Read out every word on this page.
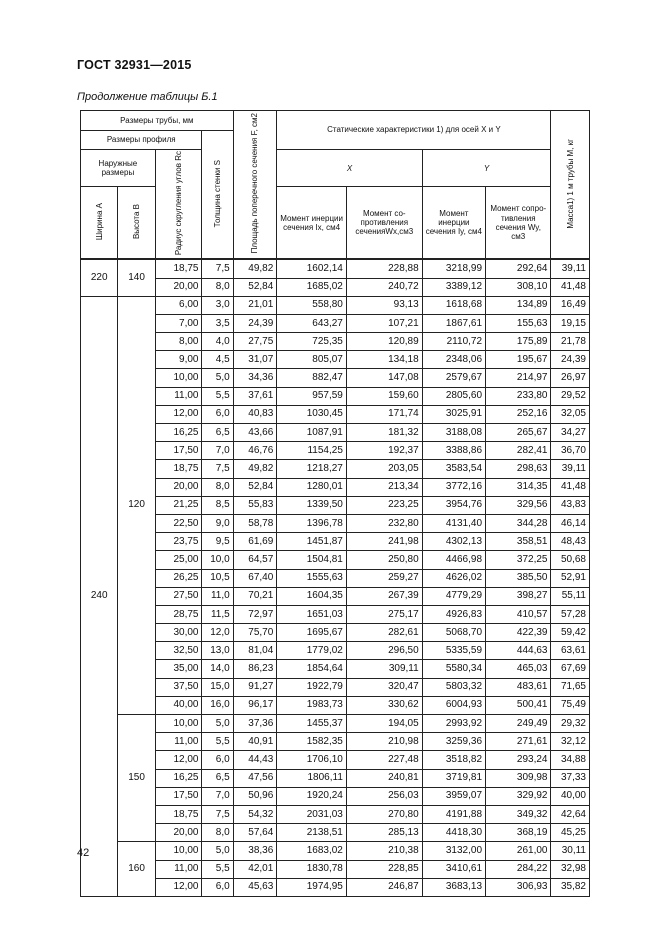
ГОСТ 32931—2015
Продолжение таблицы Б.1
Размеры трубы, мм				Площадь поперечного сечения F, см2	Статические характеристики 1) для осей X и Y				Масса1) 1 м трубы M, кг
Размеры профиля			Толщина стенки S						
Наружные размеры		Радиус скругления углов Rc			X		Y		
Ширина A	Высота B				Момент инерции сечения Ix, см4	Момент со-противления сеченияWx,см3	Момент инерции сечения Iy, см4	Момент сопро-тивления сечения Wy, см3	
220	140	18,75	7,5	49,82	1602,14	228,88	3218,99	292,64	39,11
		20,00	8,0	52,84	1685,02	240,72	3389,12	308,10	41,48
240	120	6,00	3,0	21,01	558,80	93,13	1618,68	134,89	16,49
		7,00	3,5	24,39	643,27	107,21	1867,61	155,63	19,15
		8,00	4,0	27,75	725,35	120,89	2110,72	175,89	21,78
		9,00	4,5	31,07	805,07	134,18	2348,06	195,67	24,39
		10,00	5,0	34,36	882,47	147,08	2579,67	214,97	26,97
		11,00	5,5	37,61	957,59	159,60	2805,60	233,80	29,52
		12,00	6,0	40,83	1030,45	171,74	3025,91	252,16	32,05
		16,25	6,5	43,66	1087,91	181,32	3188,08	265,67	34,27
		17,50	7,0	46,76	1154,25	192,37	3388,86	282,41	36,70
		18,75	7,5	49,82	1218,27	203,05	3583,54	298,63	39,11
		20,00	8,0	52,84	1280,01	213,34	3772,16	314,35	41,48
		21,25	8,5	55,83	1339,50	223,25	3954,76	329,56	43,83
		22,50	9,0	58,78	1396,78	232,80	4131,40	344,28	46,14
		23,75	9,5	61,69	1451,87	241,98	4302,13	358,51	48,43
		25,00	10,0	64,57	1504,81	250,80	4466,98	372,25	50,68
		26,25	10,5	67,40	1555,63	259,27	4626,02	385,50	52,91
		27,50	11,0	70,21	1604,35	267,39	4779,29	398,27	55,11
		28,75	11,5	72,97	1651,03	275,17	4926,83	410,57	57,28
		30,00	12,0	75,70	1695,67	282,61	5068,70	422,39	59,42
		32,50	13,0	81,04	1779,02	296,50	5335,59	444,63	63,61
		35,00	14,0	86,23	1854,64	309,11	5580,34	465,03	67,69
		37,50	15,0	91,27	1922,79	320,47	5803,32	483,61	71,65
		40,00	16,0	96,17	1983,73	330,62	6004,93	500,41	75,49
	150	10,00	5,0	37,36	1455,37	194,05	2993,92	249,49	29,32
		11,00	5,5	40,91	1582,35	210,98	3259,36	271,61	32,12
		12,00	6,0	44,43	1706,10	227,48	3518,82	293,24	34,88
		16,25	6,5	47,56	1806,11	240,81	3719,81	309,98	37,33
		17,50	7,0	50,96	1920,24	256,03	3959,07	329,92	40,00
		18,75	7,5	54,32	2031,03	270,80	4191,88	349,32	42,64
		20,00	8,0	57,64	2138,51	285,13	4418,30	368,19	45,25
	160	10,00	5,0	38,36	1683,02	210,38	3132,00	261,00	30,11
		11,00	5,5	42,01	1830,78	228,85	3410,61	284,22	32,98
		12,00	6,0	45,63	1974,95	246,87	3683,13	306,93	35,82
42
